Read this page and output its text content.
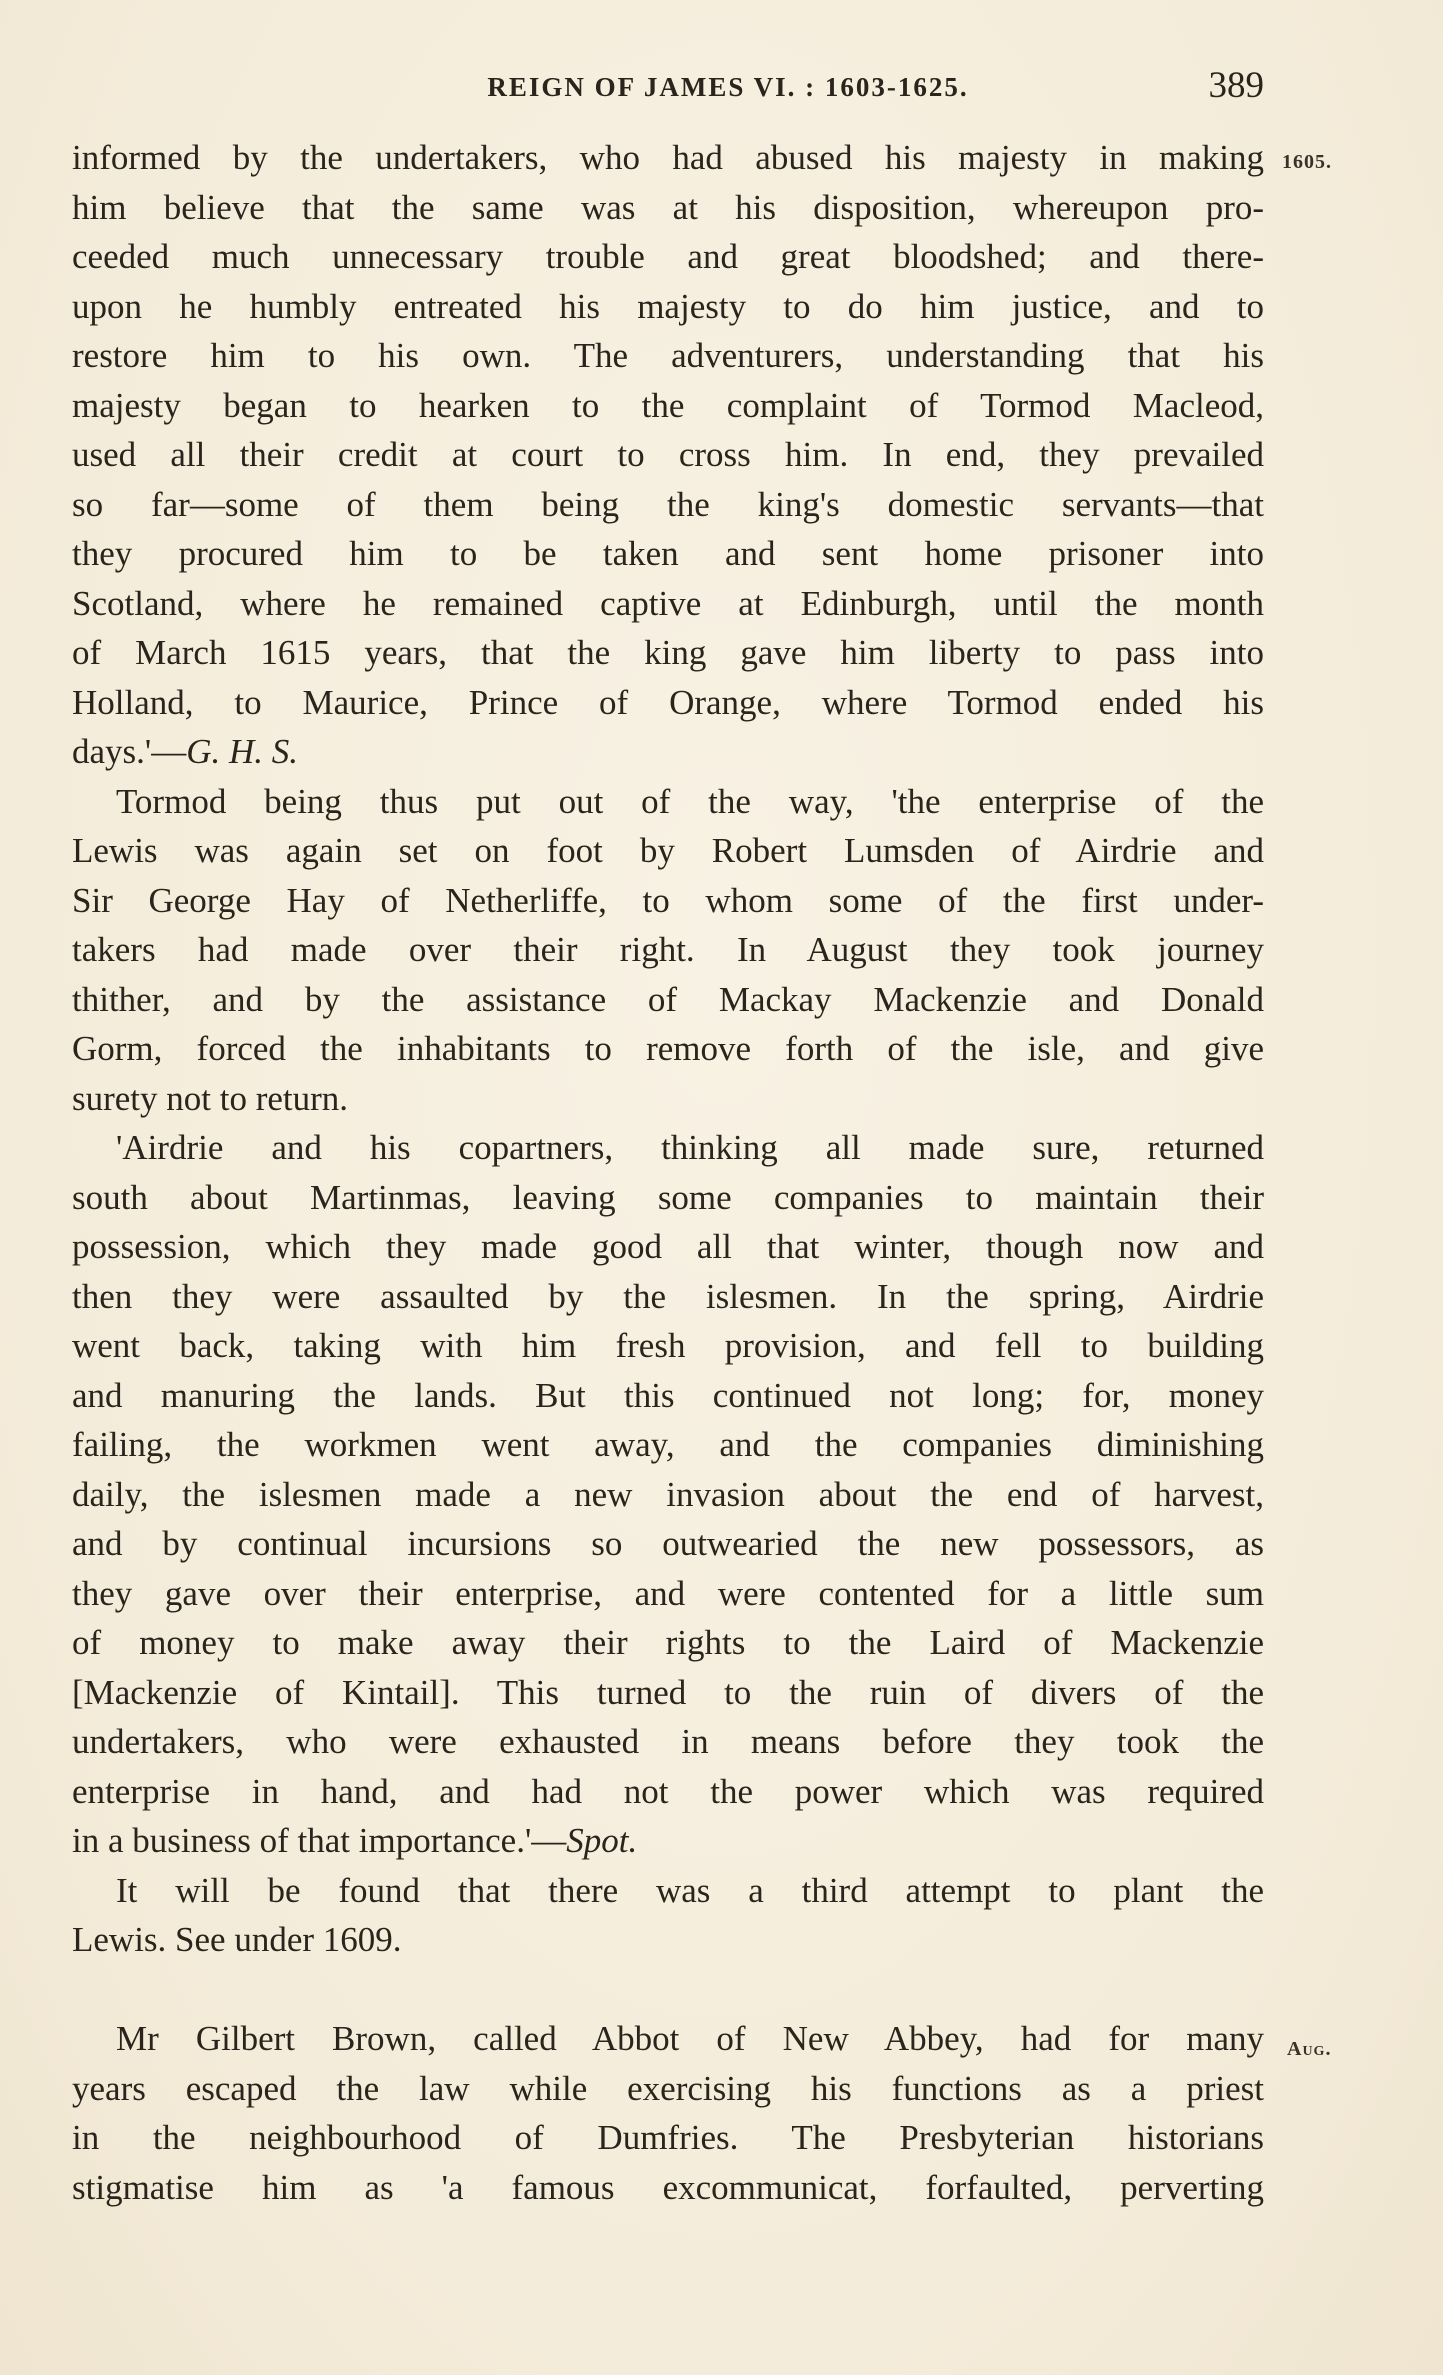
REIGN OF JAMES VI. : 1603-1625.	389
1605.
Aug.
informed by the undertakers, who had abused his majesty in making
him believe that the same was at his disposition, whereupon pro-
ceeded much unnecessary trouble and great bloodshed; and there-
upon he humbly entreated his majesty to do him justice, and to
restore him to his own. The adventurers, understanding that his
majesty began to hearken to the complaint of Tormod Macleod,
used all their credit at court to cross him. In end, they prevailed
so far—some of them being the king's domestic servants—that
they procured him to be taken and sent home prisoner into
Scotland, where he remained captive at Edinburgh, until the month
of March 1615 years, that the king gave him liberty to pass into
Holland, to Maurice, Prince of Orange, where Tormod ended his
days.'—G. H. S.
Tormod being thus put out of the way, 'the enterprise of the
Lewis was again set on foot by Robert Lumsden of Airdrie and
Sir George Hay of Netherliffe, to whom some of the first under-
takers had made over their right. In August they took journey
thither, and by the assistance of Mackay Mackenzie and Donald
Gorm, forced the inhabitants to remove forth of the isle, and give
surety not to return.
'Airdrie and his copartners, thinking all made sure, returned
south about Martinmas, leaving some companies to maintain their
possession, which they made good all that winter, though now and
then they were assaulted by the islesmen. In the spring, Airdrie
went back, taking with him fresh provision, and fell to building
and manuring the lands. But this continued not long; for, money
failing, the workmen went away, and the companies diminishing
daily, the islesmen made a new invasion about the end of harvest,
and by continual incursions so outwearied the new possessors, as
they gave over their enterprise, and were contented for a little sum
of money to make away their rights to the Laird of Mackenzie
[Mackenzie of Kintail]. This turned to the ruin of divers of the
undertakers, who were exhausted in means before they took the
enterprise in hand, and had not the power which was required
in a business of that importance.'—Spot.
It will be found that there was a third attempt to plant the
Lewis. See under 1609.
Mr Gilbert Brown, called Abbot of New Abbey, had for many
years escaped the law while exercising his functions as a priest
in the neighbourhood of Dumfries. The Presbyterian historians
stigmatise him as 'a famous excommunicat, forfaulted, perverting
